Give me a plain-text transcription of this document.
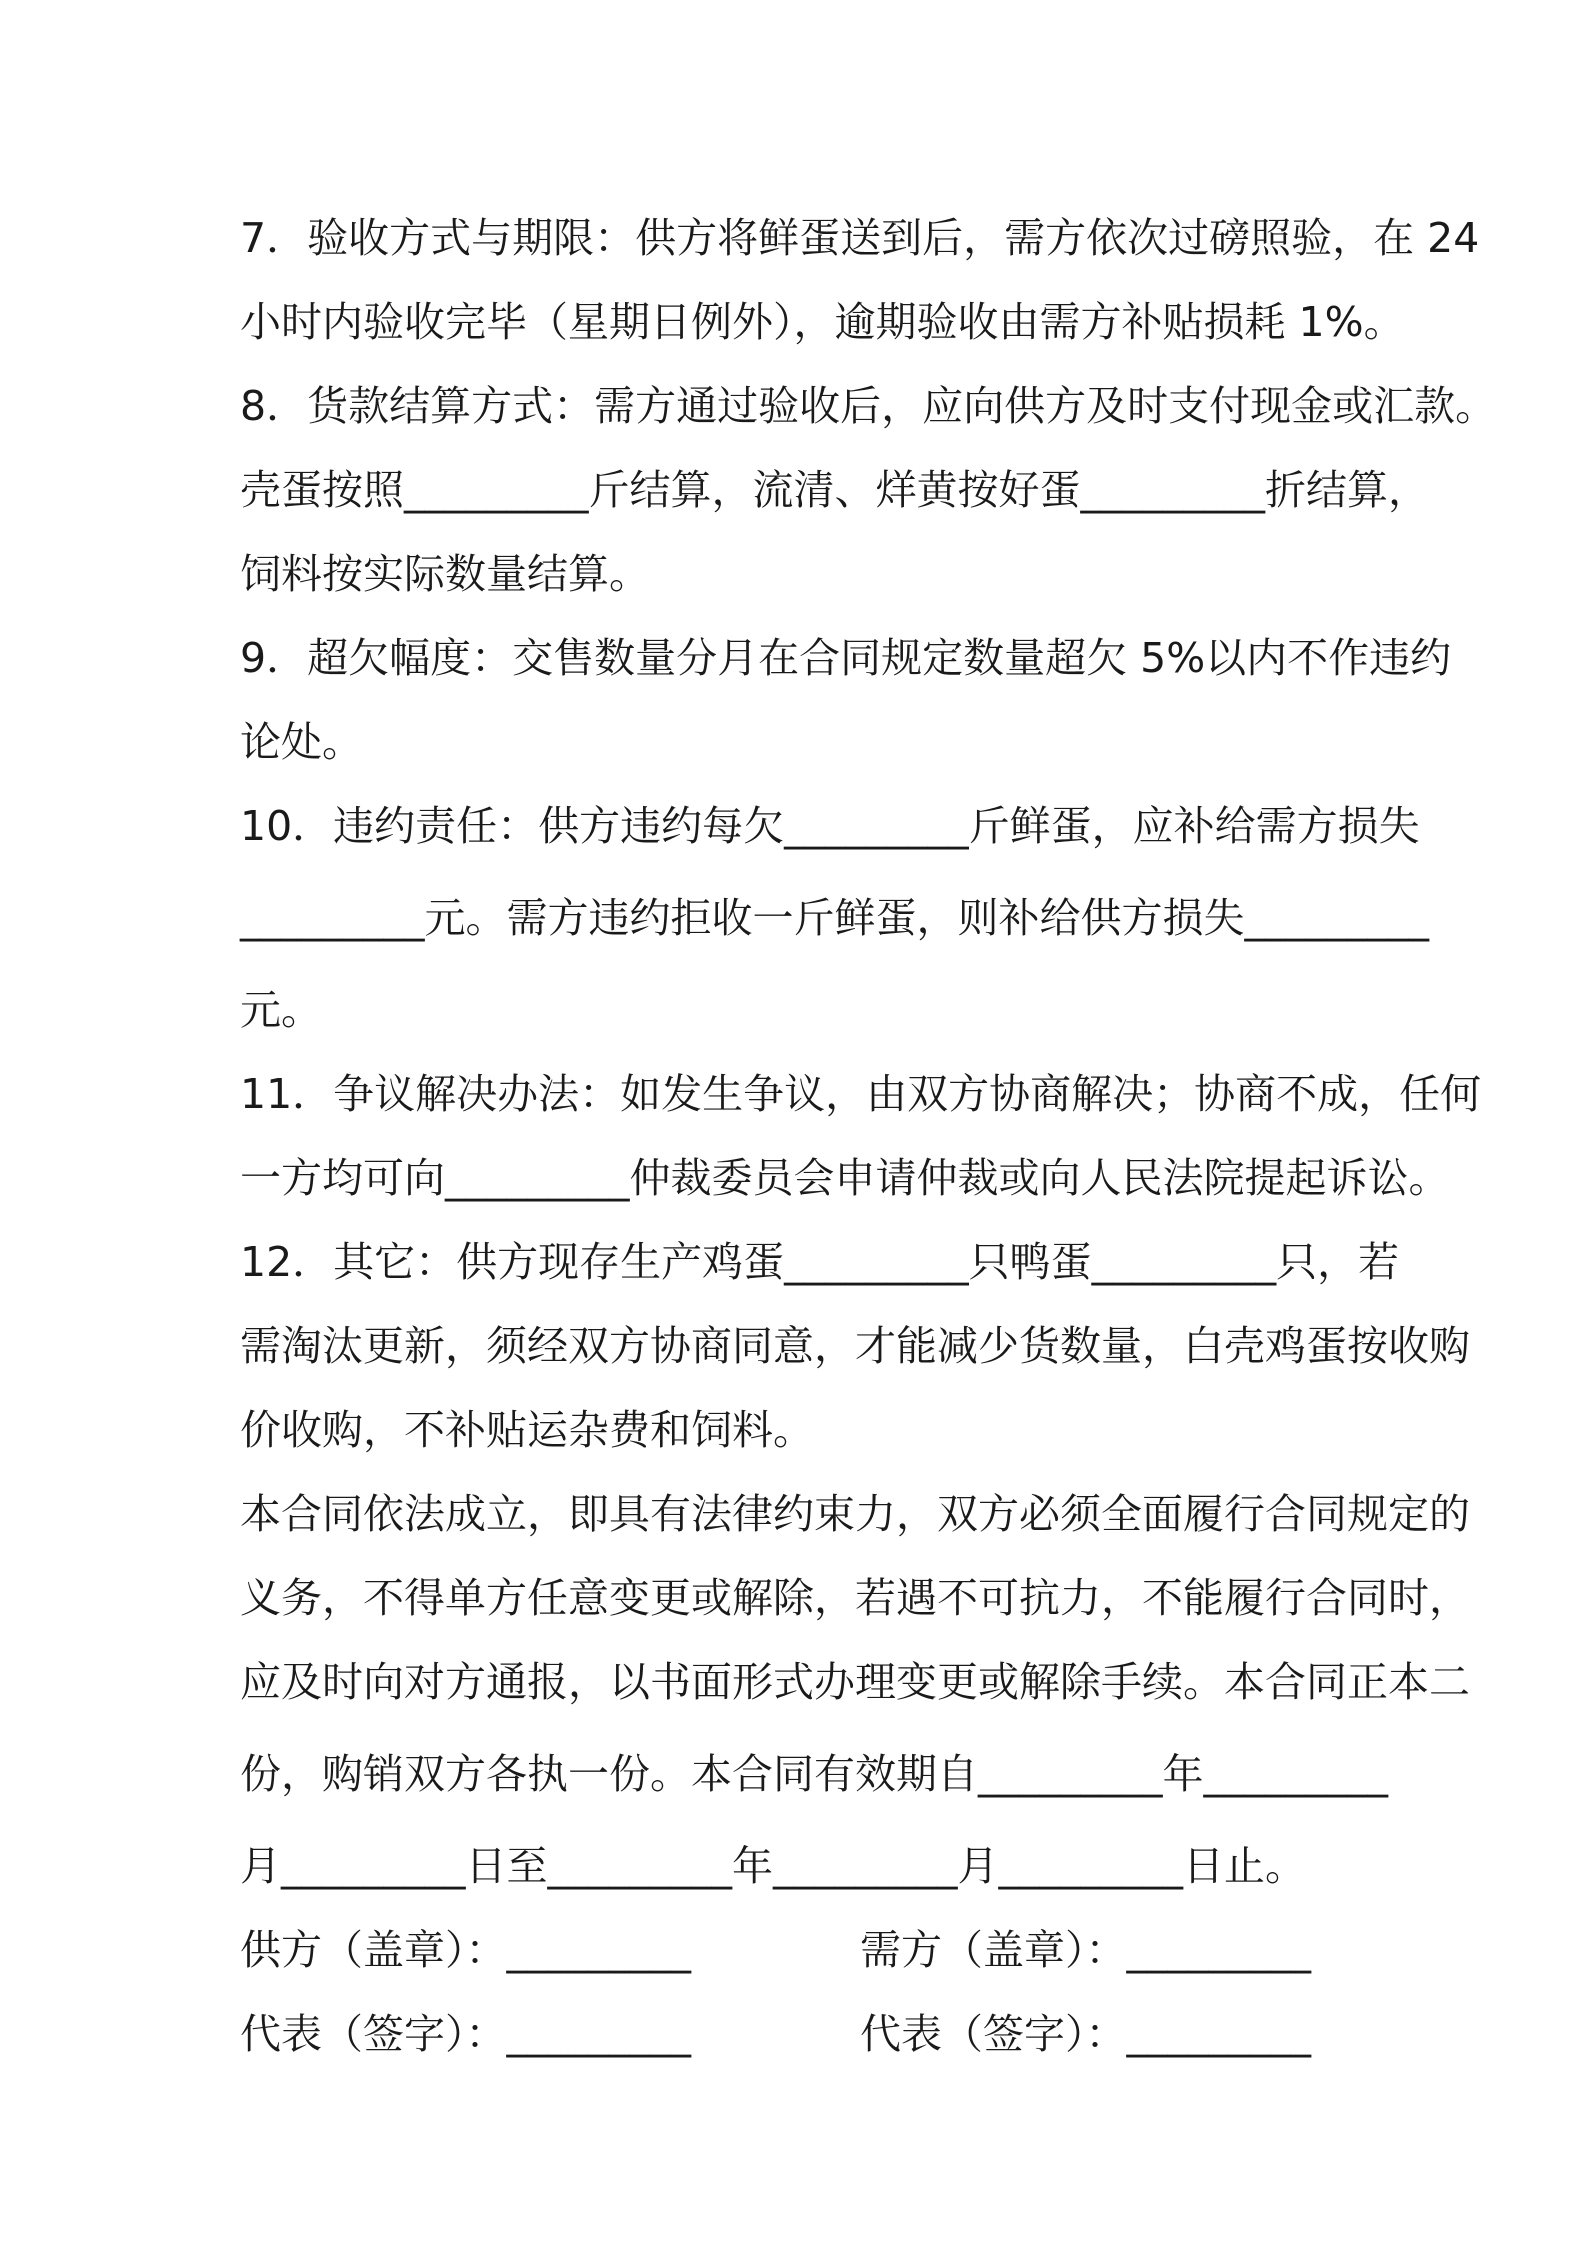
7．验收方式与期限：供方将鲜蛋送到后，需方依次过磅照验，在 24
小时内验收完毕（星期日例外），逾期验收由需方补贴损耗 1%。
8．货款结算方式：需方通过验收后，应向供方及时支付现金或汇款。
壳蛋按照_________斤结算，流清、烊黄按好蛋_________折结算，
饲料按实际数量结算。
9．超欠幅度：交售数量分月在合同规定数量超欠 5%以内不作违约
论处。
10．违约责任：供方违约每欠_________斤鲜蛋，应补给需方损失
_________元。需方违约拒收一斤鲜蛋，则补给供方损失_________
元。
11．争议解决办法：如发生争议，由双方协商解决；协商不成，任何
一方均可向_________仲裁委员会申请仲裁或向人民法院提起诉讼。
12．其它：供方现存生产鸡蛋_________只鸭蛋_________只，若
需淘汰更新，须经双方协商同意，才能减少货数量，白壳鸡蛋按收购
价收购，不补贴运杂费和饲料。
本合同依法成立，即具有法律约束力，双方必须全面履行合同规定的
义务，不得单方任意变更或解除，若遇不可抗力，不能履行合同时，
应及时向对方通报，以书面形式办理变更或解除手续。本合同正本二
份，购销双方各执一份。本合同有效期自_________年_________
月_________日至_________年_________月_________日止。
供方（盖章）：_________	需方（盖章）：_________
代表（签字）：_________	代表（签字）：_________
